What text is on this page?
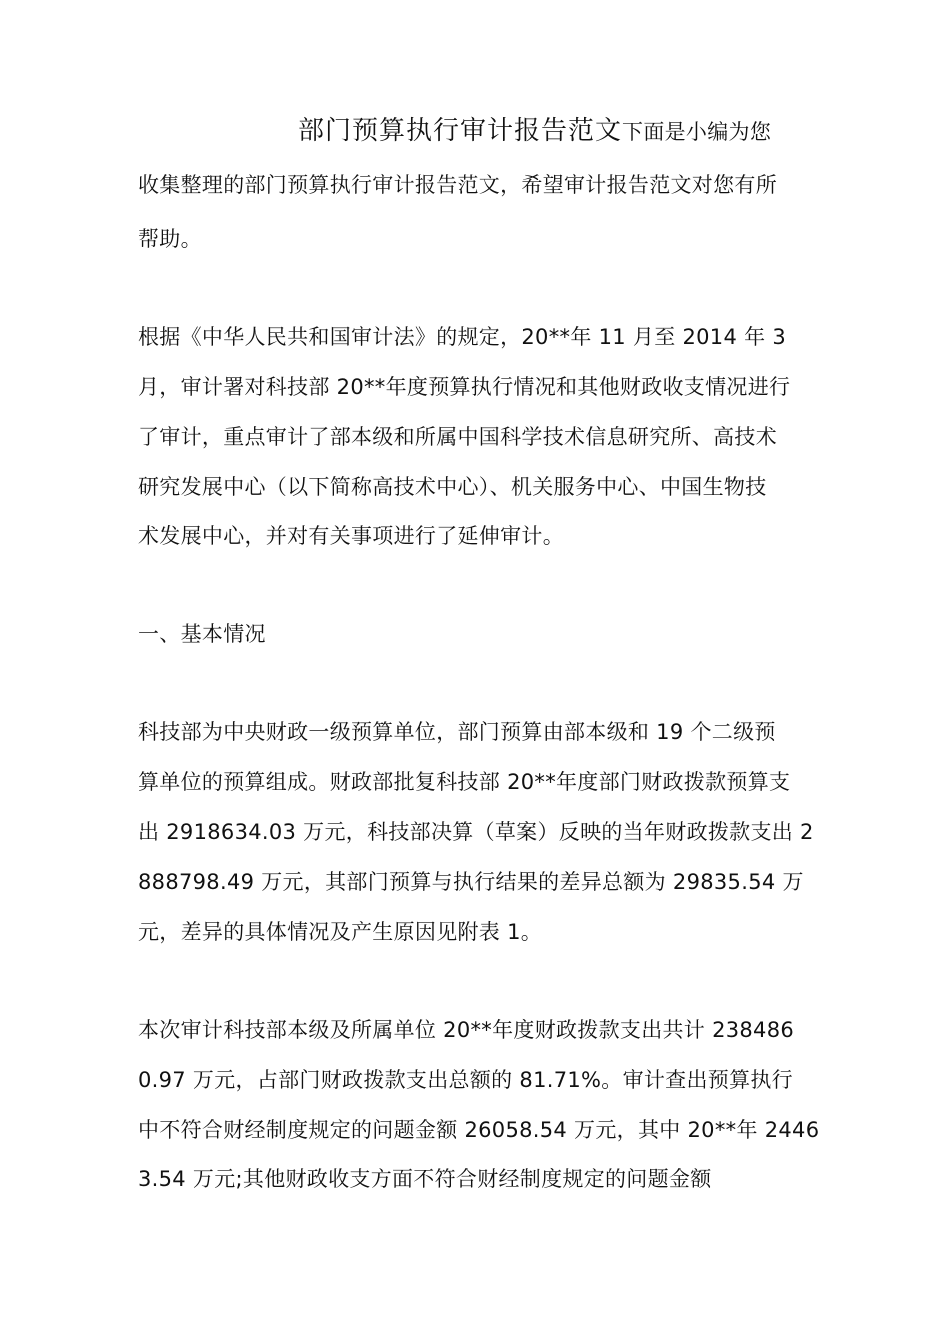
部门预算执行审计报告范文下面是小编为您
收集整理的部门预算执行审计报告范文，希望审计报告范文对您有所
帮助。
根据《中华人民共和国审计法》的规定，20**年 11 月至 2014 年 3
月，审计署对科技部 20**年度预算执行情况和其他财政收支情况进行
了审计，重点审计了部本级和所属中国科学技术信息研究所、高技术
研究发展中心（以下简称高技术中心）、机关服务中心、中国生物技
术发展中心，并对有关事项进行了延伸审计。
一、基本情况
科技部为中央财政一级预算单位，部门预算由部本级和 19 个二级预
算单位的预算组成。财政部批复科技部 20**年度部门财政拨款预算支
出 2918634.03 万元，科技部决算（草案）反映的当年财政拨款支出 2
888798.49 万元，其部门预算与执行结果的差异总额为 29835.54 万
元，差异的具体情况及产生原因见附表 1。
本次审计科技部本级及所属单位 20**年度财政拨款支出共计 238486
0.97 万元，占部门财政拨款支出总额的 81.71%。审计查出预算执行
中不符合财经制度规定的问题金额 26058.54 万元，其中 20**年 2446
3.54 万元;其他财政收支方面不符合财经制度规定的问题金额
